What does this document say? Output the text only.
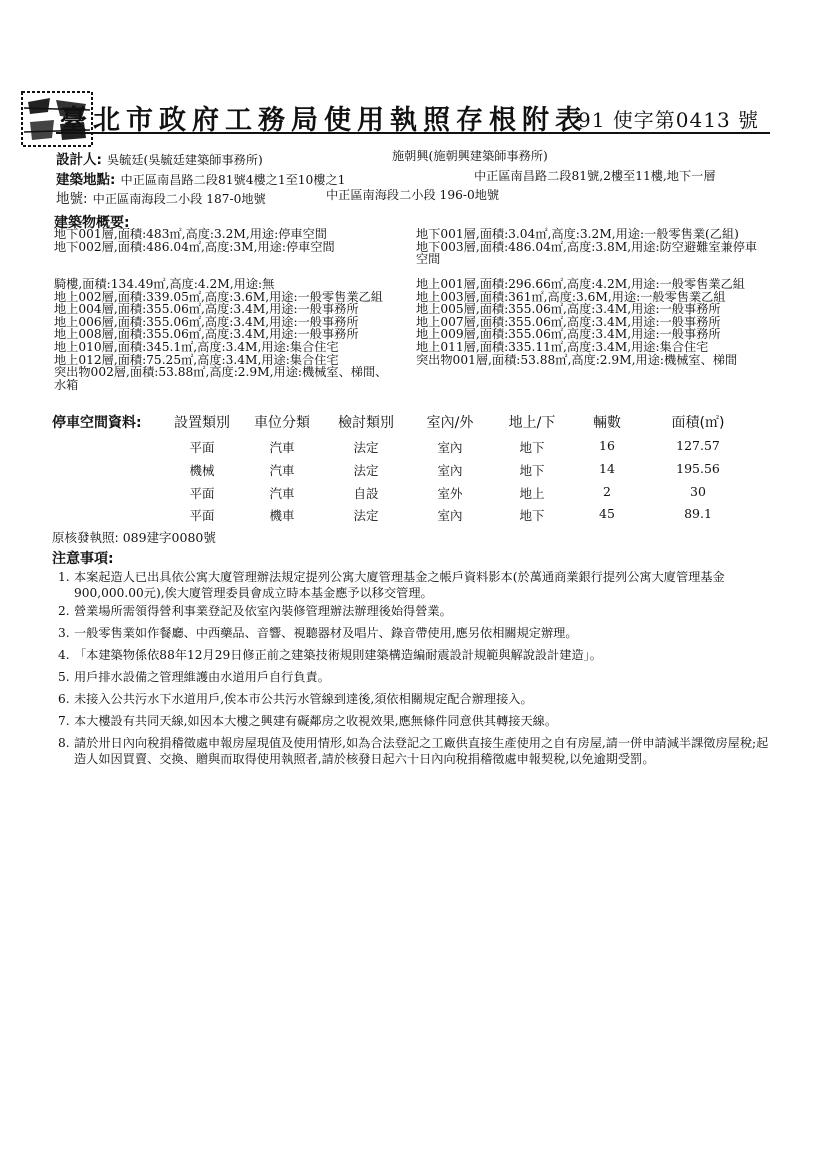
臺北市政府工務局使用執照存根附表
91 使字第0413 號
設計人: 吳毓廷(吳毓廷建築師事務所)	施朝興(施朝興建築師事務所)
建築地點: 中正區南昌路二段81號4樓之1至10樓之1	中正區南昌路二段81號,2樓至11樓,地下一層
地號: 中正區南海段二小段 187-0地號	中正區南海段二小段 196-0地號
建築物概要:
地下001層,面積:483㎡,高度:3.2M,用途:停車空間
地下002層,面積:486.04㎡,高度:3M,用途:停車空間
地下001層,面積:3.04㎡,高度:3.2M,用途:一般零售業(乙組)
地下003層,面積:486.04㎡,高度:3.8M,用途:防空避難室兼停車
空間
騎樓,面積:134.49㎡,高度:4.2M,用途:無
地上002層,面積:339.05㎡,高度:3.6M,用途:一般零售業乙組
地上004層,面積:355.06㎡,高度:3.4M,用途:一般事務所
地上006層,面積:355.06㎡,高度:3.4M,用途:一般事務所
地上008層,面積:355.06㎡,高度:3.4M,用途:一般事務所
地上010層,面積:345.1㎡,高度:3.4M,用途:集合住宅
地上012層,面積:75.25㎡,高度:3.4M,用途:集合住宅
突出物002層,面積:53.88㎡,高度:2.9M,用途:機械室、梯間、
水箱
地上001層,面積:296.66㎡,高度:4.2M,用途:一般零售業乙組
地上003層,面積:361㎡,高度:3.6M,用途:一般零售業乙組
地上005層,面積:355.06㎡,高度:3.4M,用途:一般事務所
地上007層,面積:355.06㎡,高度:3.4M,用途:一般事務所
地上009層,面積:355.06㎡,高度:3.4M,用途:一般事務所
地上011層,面積:335.11㎡,高度:3.4M,用途:集合住宅
突出物001層,面積:53.88㎡,高度:2.9M,用途:機械室、梯間
停車空間資料: 設置類別 車位分類 檢討類別	室內/外	地上/下	輛數	面積(㎡)
平面	汽車	法定	室內	地下	16	127.57
機械	汽車	法定	室內	地下	14	195.56
平面	汽車	自設	室外	地上	2	30
平面	機車	法定	室內	地下	45	89.1
原核發執照: 089建字0080號
注意事項:
1. 本案起造人已出具依公寓大廈管理辦法規定提列公寓大廈管理基金之帳戶資料影本(於萬通商業銀行提列公寓大廈管理基金900,000.00元),俟大廈管理委員會成立時本基金應予以移交管理。
2. 營業場所需領得營利事業登記及依室內裝修管理辦法辦理後始得營業。
3. 一般零售業如作餐廳、中西藥品、音響、視聽器材及唱片、錄音帶使用,應另依相關規定辦理。
4. 「本建築物係依88年12月29日修正前之建築技術規則建築構造編耐震設計規範與解說設計建造」。
5. 用戶排水設備之管理維護由水道用戶自行負責。
6. 未接入公共污水下水道用戶,俟本市公共污水管線到達後,須依相關規定配合辦理接入。
7. 本大樓設有共同天線,如因本大樓之興建有礙鄰房之收視效果,應無條件同意供其轉接天線。
8. 請於卅日內向稅捐稽徵處申報房屋現值及使用情形,如為合法登記之工廠供直接生產使用之自有房屋,請一併申請減半課徵房屋稅;起造人如因買賣、交換、贈與而取得使用執照者,請於核發日起六十日內向稅捐稽徵處申報契稅,以免逾期受罰。
